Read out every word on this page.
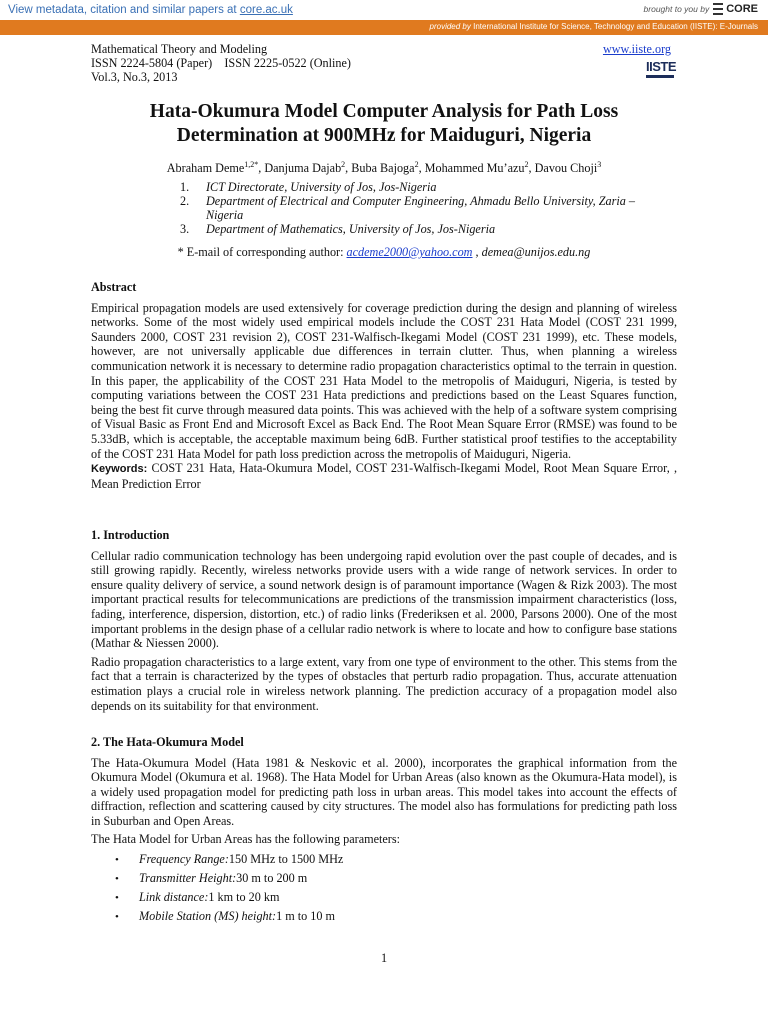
View metadata, citation and similar papers at core.ac.uk	brought to you by CORE
provided by International Institute for Science, Technology and Education (IISTE): E-Journals
Mathematical Theory and Modeling
ISSN 2224-5804 (Paper)    ISSN 2225-0522 (Online)
Vol.3, No.3, 2013
www.iiste.org
IISTE
Hata-Okumura Model Computer Analysis for Path Loss
Determination at 900MHz for Maiduguri, Nigeria
Abraham Deme$^{1,2*}$, Danjuma Dajab$^2$, Buba Bajoga$^2$, Mohammed Mu’azu$^2$, Davou Choji$^3$
1.	ICT Directorate, University of Jos, Jos-Nigeria
2.	Department of Electrical and Computer Engineering, Ahmadu Bello University, Zaria –
Nigeria
3.	Department of Mathematics, University of Jos, Jos-Nigeria
* E-mail of corresponding author: acdeme2000@yahoo.com , demea@unijos.edu.ng
Abstract
Empirical propagation models are used extensively for coverage prediction during the design and planning of wireless networks. Some of the most widely used empirical models include the COST 231 Hata Model (COST 231 1999, Saunders 2000, COST 231 revision 2), COST 231-Walfisch-Ikegami Model (COST 231 1999), etc. These models, however, are not universally applicable due differences in terrain clutter. Thus, when planning a wireless communication network it is necessary to determine radio propagation characteristics optimal to the terrain in question. In this paper, the applicability of the COST 231 Hata Model to the metropolis of Maiduguri, Nigeria, is tested by computing variations between the COST 231 Hata predictions and predictions based on the Least Squares function, being the best fit curve through measured data points. This was achieved with the help of a software system comprising of Visual Basic as Front End and Microsoft Excel as Back End. The Root Mean Square Error (RMSE) was found to be 5.33dB, which is acceptable, the acceptable maximum being 6dB. Further statistical proof testifies to the acceptability of the COST 231 Hata Model for path loss prediction across the metropolis of Maiduguri, Nigeria.
Keywords: COST 231 Hata, Hata-Okumura Model, COST 231-Walfisch-Ikegami Model, Root Mean Square Error, , Mean Prediction Error
1. Introduction
Cellular radio communication technology has been undergoing rapid evolution over the past couple of decades, and is still growing rapidly. Recently, wireless networks provide users with a wide range of network services. In order to ensure quality delivery of service, a sound network design is of paramount importance (Wagen & Rizk 2003). The most important practical results for telecommunications are predictions of the transmission impairment characteristics (loss, fading, interference, dispersion, distortion, etc.) of radio links (Frederiksen et al. 2000, Parsons 2000). One of the most important problems in the design phase of a cellular radio network is where to locate and how to configure base stations (Mathar & Niessen 2000).
Radio propagation characteristics to a large extent, vary from one type of environment to the other. This stems from the fact that a terrain is characterized by the types of obstacles that perturb radio propagation. Thus, accurate attenuation estimation plays a crucial role in wireless network planning. The prediction accuracy of a propagation model also depends on its suitability for that environment.
2. The Hata-Okumura Model
The Hata-Okumura Model (Hata 1981 & Neskovic et al. 2000), incorporates the graphical information from the Okumura Model (Okumura et al. 1968). The Hata Model for Urban Areas (also known as the Okumura-Hata model), is a widely used propagation model for predicting path loss in urban areas. This model takes into account the effects of diffraction, reflection and scattering caused by city structures. The model also has formulations for predicting path loss in Suburban and Open Areas.
The Hata Model for Urban Areas has the following parameters:
•	Frequency Range: 150 MHz to 1500 MHz
•	Transmitter Height: 30 m to 200 m
•	Link distance: 1 km to 20 km
•	Mobile Station (MS) height: 1 m to 10 m
1
